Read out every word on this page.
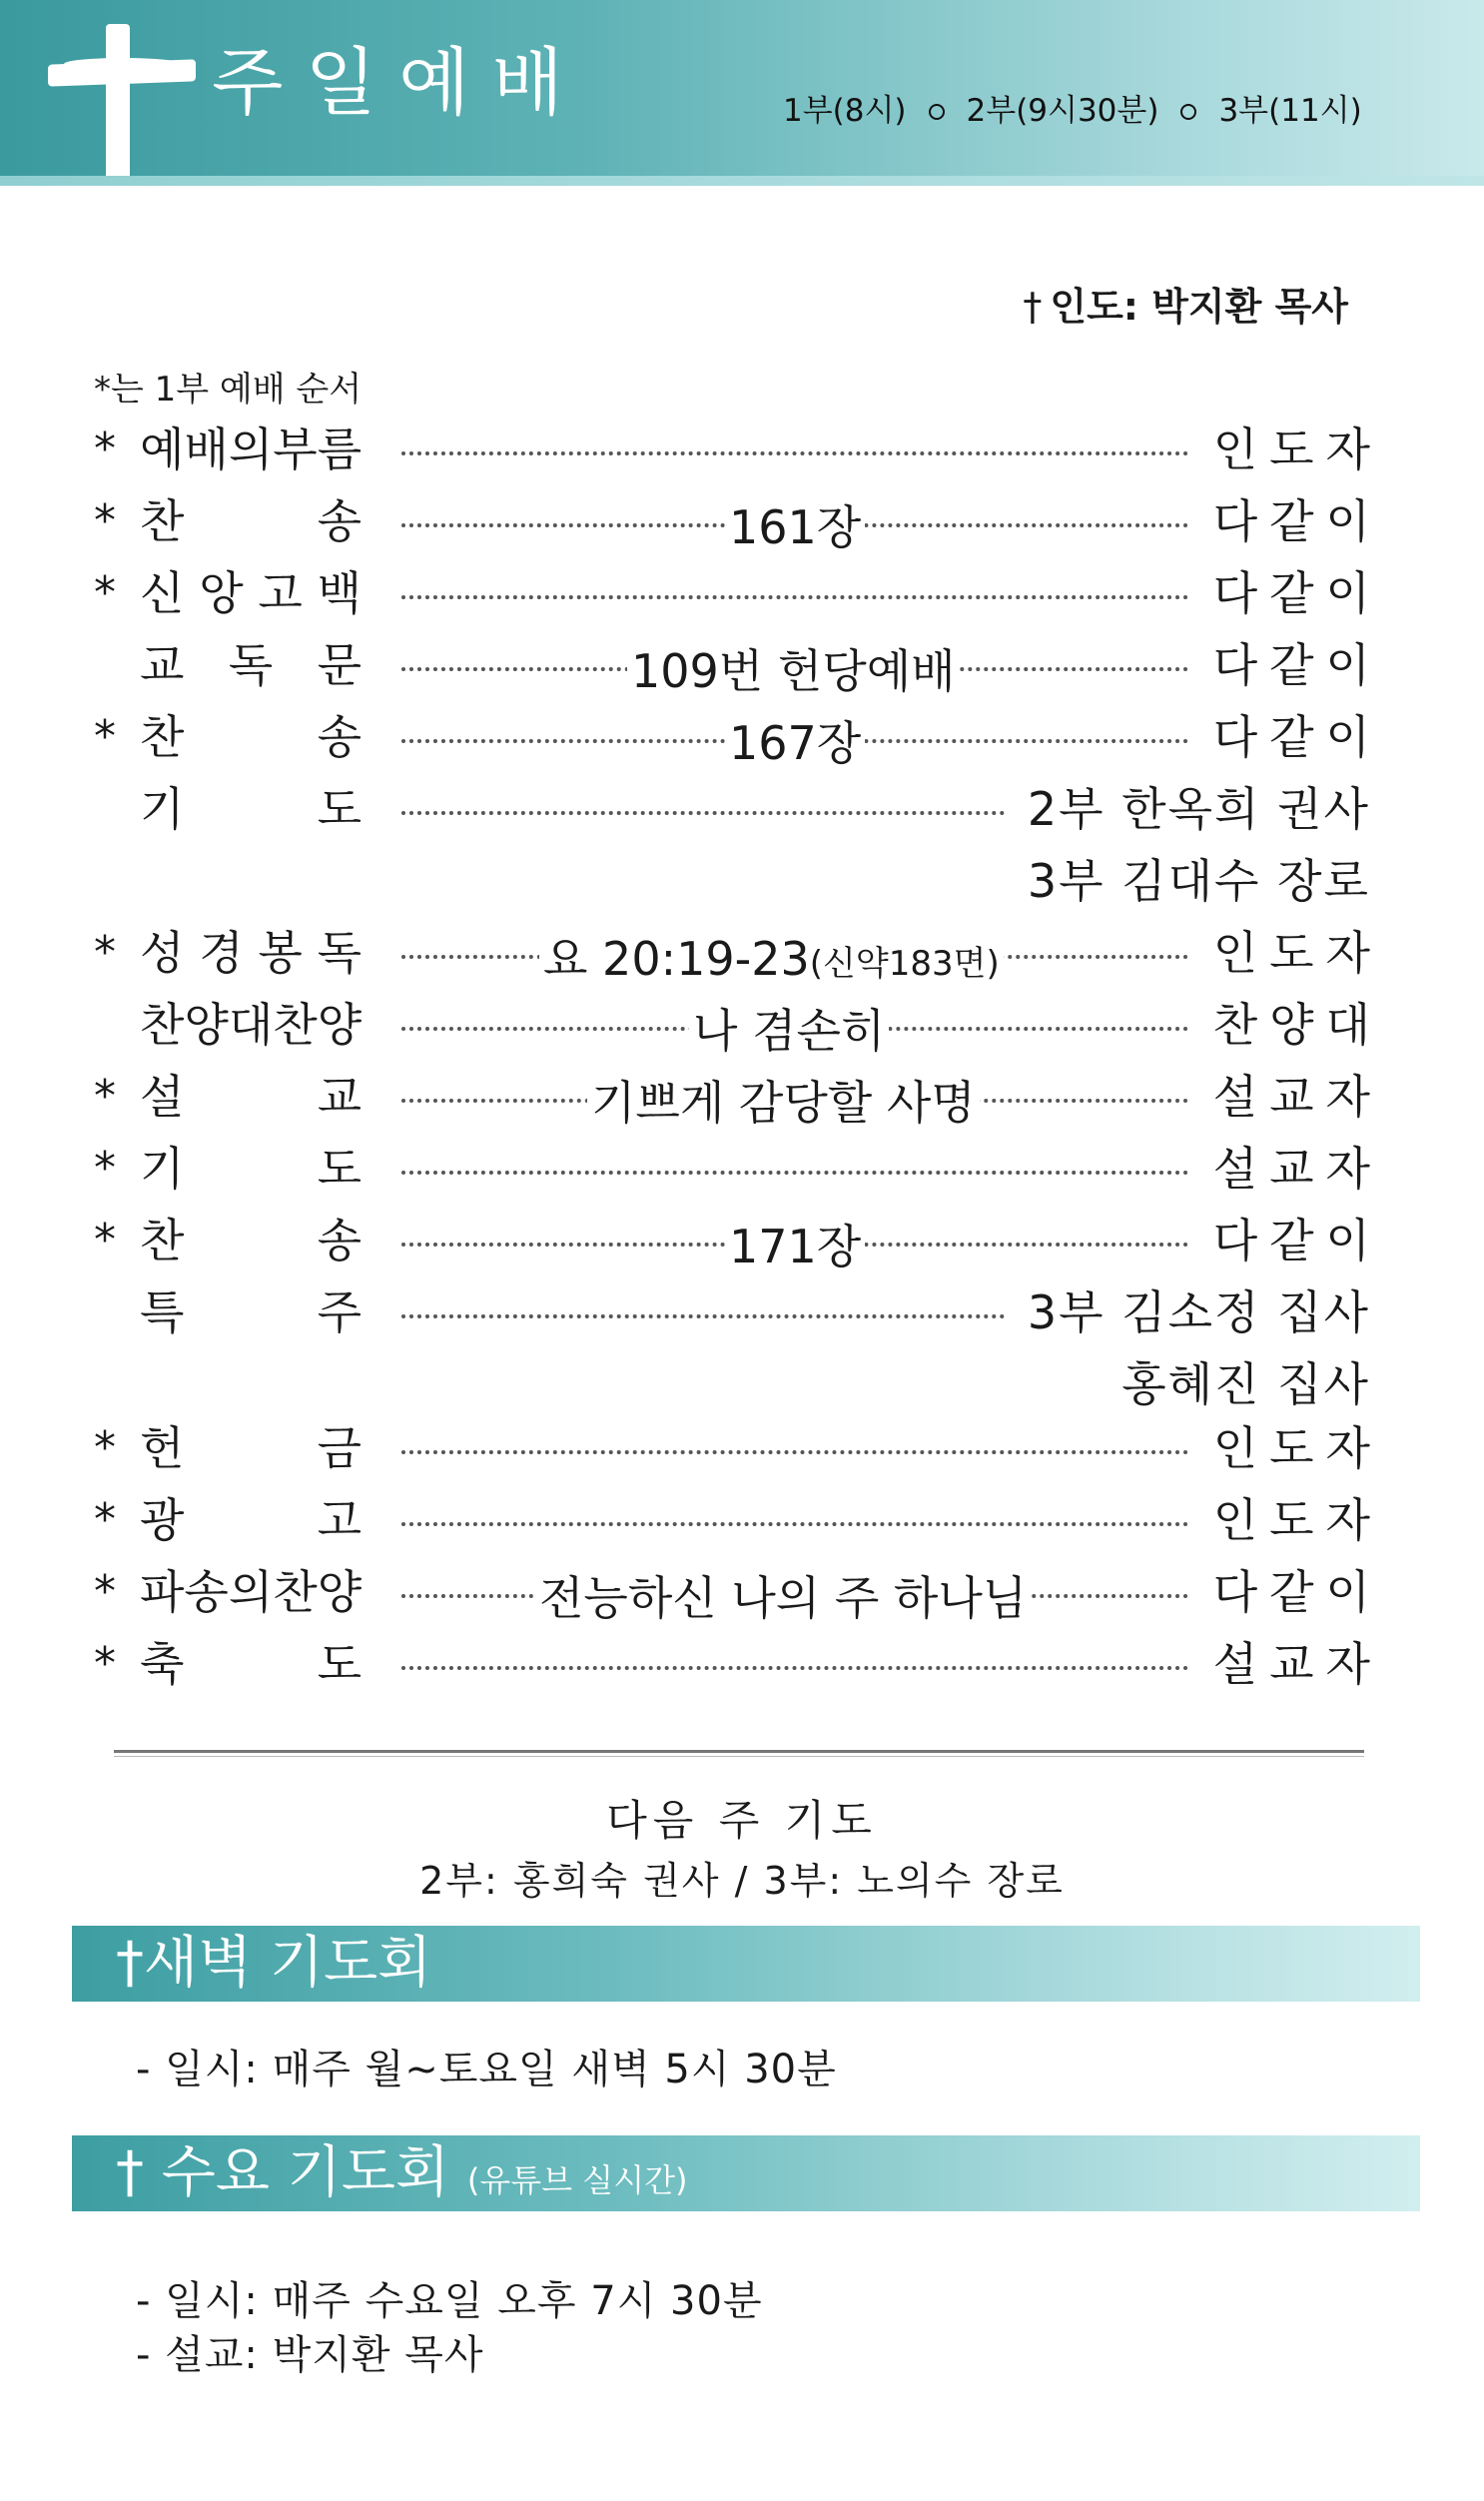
주일예배	1부(8시) 2부(9시30분) 3부(11시)
† 인도: 박지환 목사
*는 1부 예배 순서
* 예배의부름	인도자
* 찬	송	161장	다같이
* 신 앙 고 백	다같이
교 독 문	109번 헌당예배	다같이
* 찬	송	167장	다같이
기	도	2부 한옥희 권사
3부 김대수 장로
* 성 경 봉 독	요 20:19-23(신약183면)	인도자
찬양대찬양	나 겸손히	찬양대
* 설	교	기쁘게 감당할 사명	설교자
* 기	도	설교자
* 찬	송	171장	다같이
특	주	3부 김소정 집사
홍혜진 집사
* 헌	금	인도자
* 광	고	인도자
* 파송의찬양	전능하신 나의 주 하나님	다같이
* 축	도	설교자
다음 주 기도
2부: 홍희숙 권사 / 3부: 노의수 장로
†새벽 기도회
- 일시: 매주 월~토요일 새벽 5시 30분
† 수요 기도회 (유튜브 실시간)
- 일시: 매주 수요일 오후 7시 30분
- 설교: 박지환 목사
